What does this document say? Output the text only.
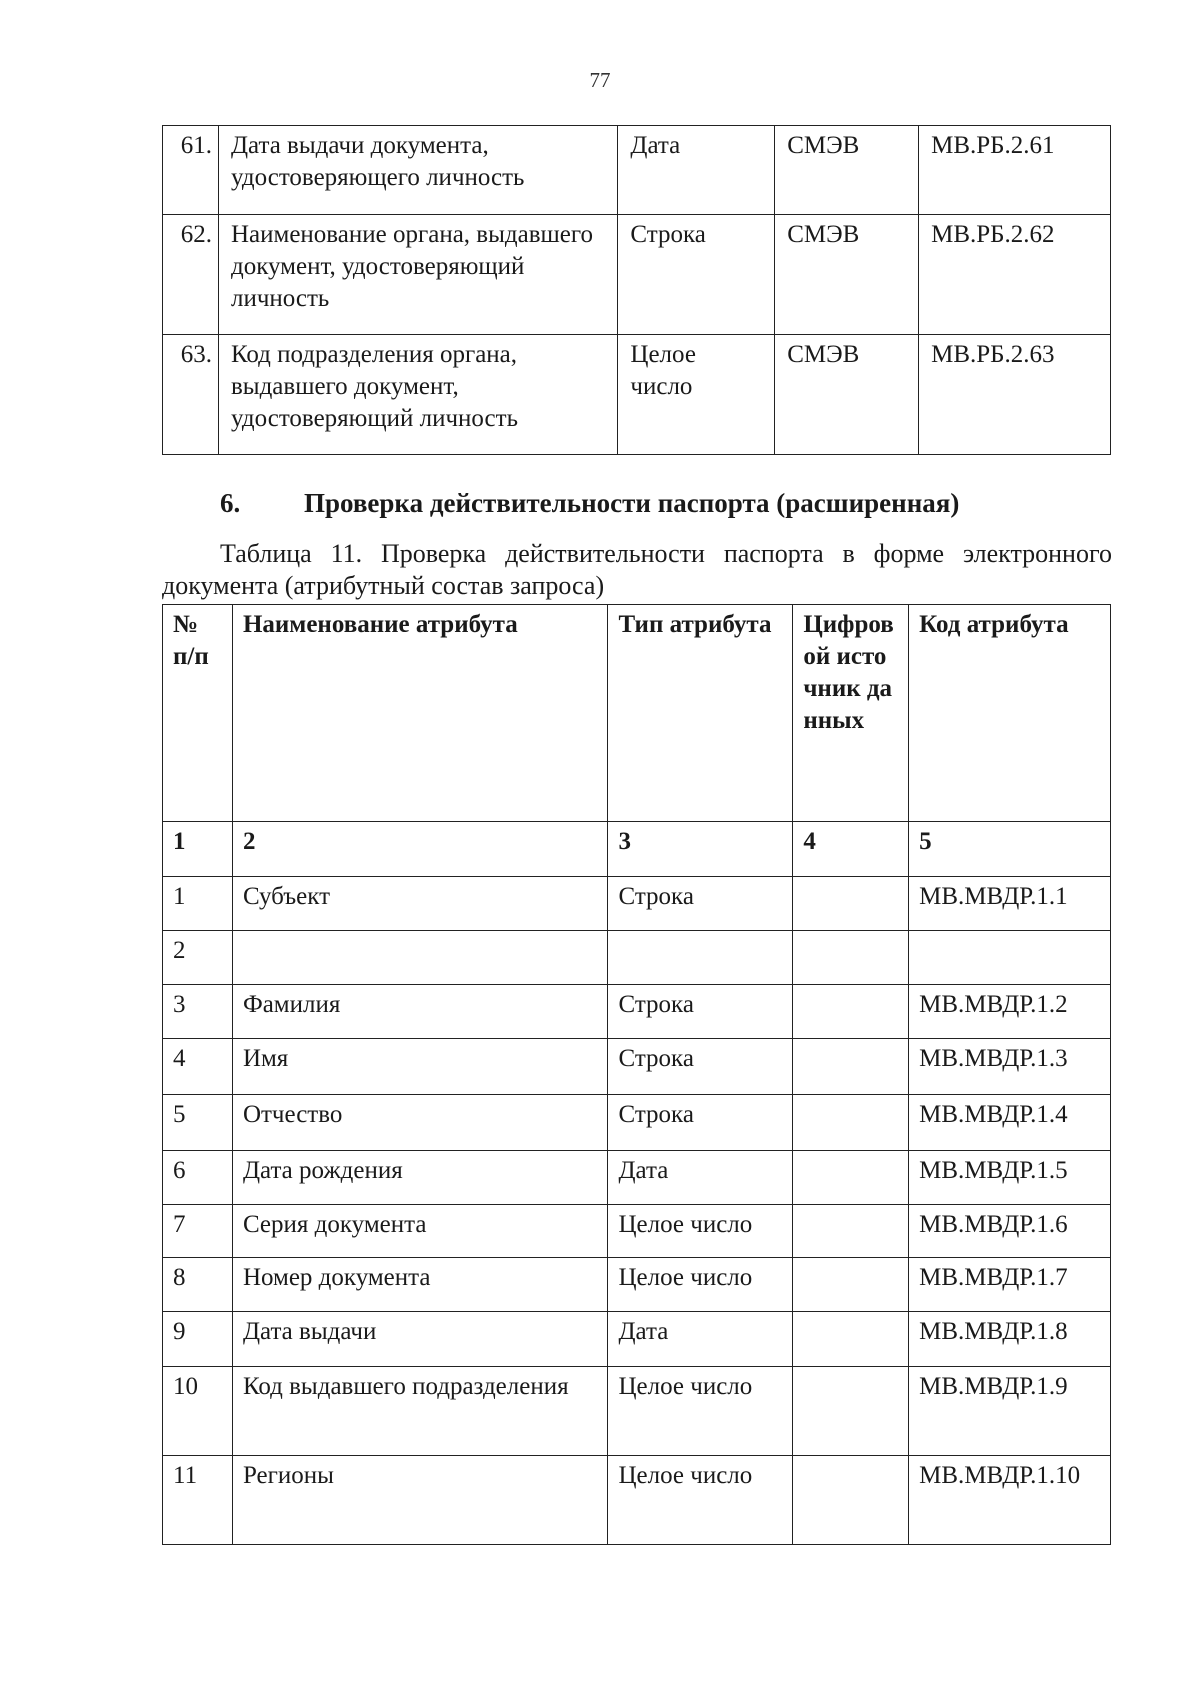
77
61.	Дата выдачи документа, удостоверяющего личность	Дата	СМЭВ	МВ.РБ.2.61
62.	Наименование органа, выдавшего документ, удостоверяющий личность	Строка	СМЭВ	МВ.РБ.2.62
63.	Код подразделения органа, выдавшего документ, удостоверяющий личность	Целое число	СМЭВ	МВ.РБ.2.63
6. Проверка действительности паспорта (расширенная)
Таблица 11. Проверка действительности паспорта в форме электронного документа (атрибутный состав запроса)
№ п/п	Наименование атрибута	Тип атрибута	Цифровой источник данных	Код атрибута
1	2	3	4	5
1	Субъект	Строка		МВ.МВДР.1.1
2				
3	Фамилия	Строка		МВ.МВДР.1.2
4	Имя	Строка		МВ.МВДР.1.3
5	Отчество	Строка		МВ.МВДР.1.4
6	Дата рождения	Дата		МВ.МВДР.1.5
7	Серия документа	Целое число		МВ.МВДР.1.6
8	Номер документа	Целое число		МВ.МВДР.1.7
9	Дата выдачи	Дата		МВ.МВДР.1.8
10	Код выдавшего подразделения	Целое число		МВ.МВДР.1.9
11	Регионы	Целое число		МВ.МВДР.1.10
